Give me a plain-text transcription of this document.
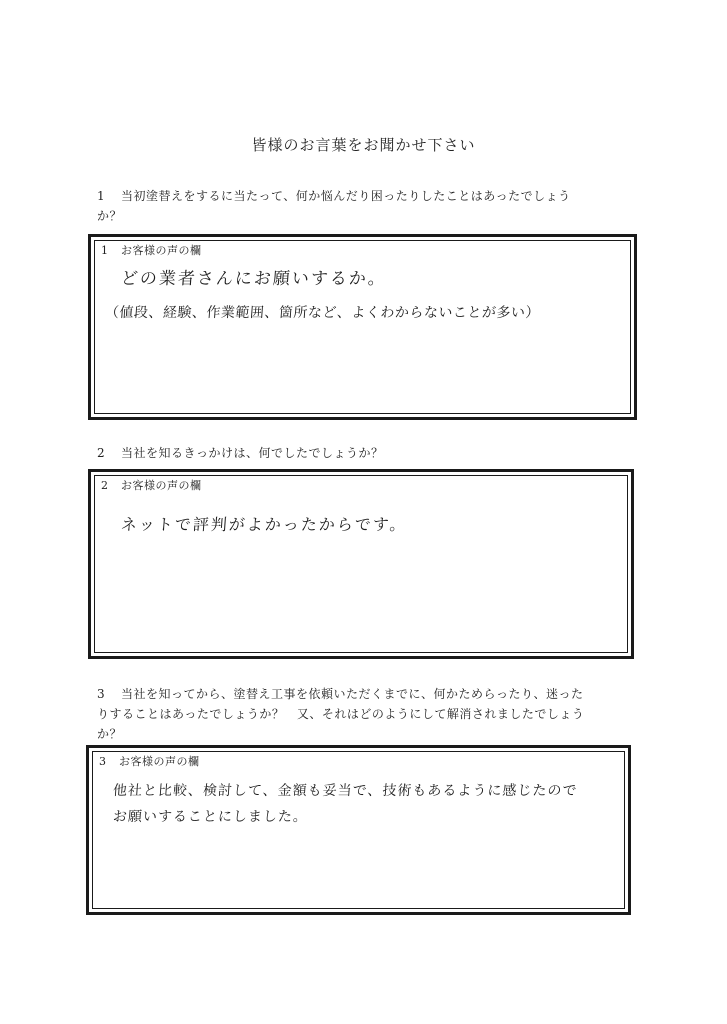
皆様のお言葉をお聞かせ下さい
1 当初塗替えをするに当たって、何か悩んだり困ったりしたことはあったでしょう
か？
1 お客様の声の欄
どの業者さんにお願いするか。
（値段、経験、作業範囲、箇所など、よくわからないことが多い）
2 当社を知るきっかけは、何でしたでしょうか？
2 お客様の声の欄
ネットで評判がよかったからです。
3 当社を知ってから、塗替え工事を依頼いただくまでに、何かためらったり、迷った
りすることはあったでしょうか？　又、それはどのようにして解消されましたでしょう
か？
3 お客様の声の欄
他社と比較、検討して、金額も妥当で、技術もあるように感じたので
お願いすることにしました。
